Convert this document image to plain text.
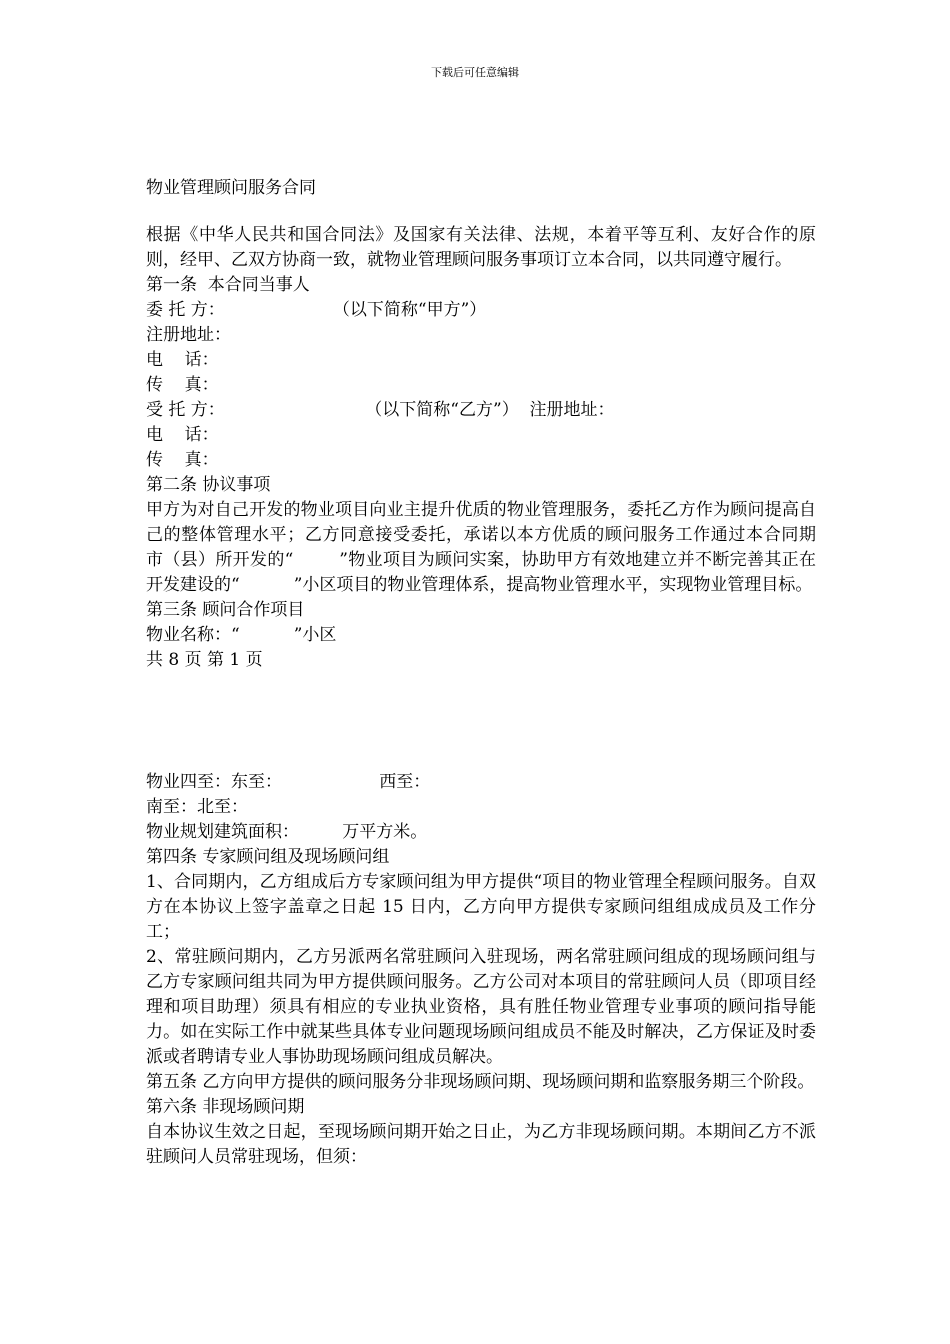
下载后可任意编辑
物业管理顾问服务合同
根据《中华人民共和国合同法》及国家有关法律、法规，本着平等互利、友好合作的原则，经甲、乙双方协商一致，就物业管理顾问服务事项订立本合同，以共同遵守履行。
第一条  本合同当事人
委 托 方：                    （以下简称“甲方”）
注册地址：
电    话：
传    真：
受 托 方：                          （以下简称“乙方”）  注册地址：
电    话：
传    真：
第二条 协议事项
甲方为对自己开发的物业项目向业主提升优质的物业管理服务，委托乙方作为顾问提高自己的整体管理水平；乙方同意接受委托，承诺以本方优质的顾问服务工作通过本合同期      市（县）所开发的“        ”物业项目为顾问实案，协助甲方有效地建立并不断完善其正在开发建设的“          ”小区项目的物业管理体系，提高物业管理水平，实现物业管理目标。
第三条 顾问合作项目
物业名称：“          ”小区
共 8 页 第 1 页
物业四至：东至：                  西至：
南至：北至：
物业规划建筑面积：        万平方米。
第四条 专家顾问组及现场顾问组
1、合同期内，乙方组成后方专家顾问组为甲方提供“项目的物业管理全程顾问服务。自双方在本协议上签字盖章之日起 15 日内，乙方向甲方提供专家顾问组组成成员及工作分工；
2、常驻顾问期内，乙方另派两名常驻顾问入驻现场，两名常驻顾问组成的现场顾问组与乙方专家顾问组共同为甲方提供顾问服务。乙方公司对本项目的常驻顾问人员（即项目经理和项目助理）须具有相应的专业执业资格，具有胜任物业管理专业事项的顾问指导能力。如在实际工作中就某些具体专业问题现场顾问组成员不能及时解决，乙方保证及时委派或者聘请专业人事协助现场顾问组成员解决。
第五条 乙方向甲方提供的顾问服务分非现场顾问期、现场顾问期和监察服务期三个阶段。
第六条 非现场顾问期
自本协议生效之日起，至现场顾问期开始之日止，为乙方非现场顾问期。本期间乙方不派驻顾问人员常驻现场，但须：
